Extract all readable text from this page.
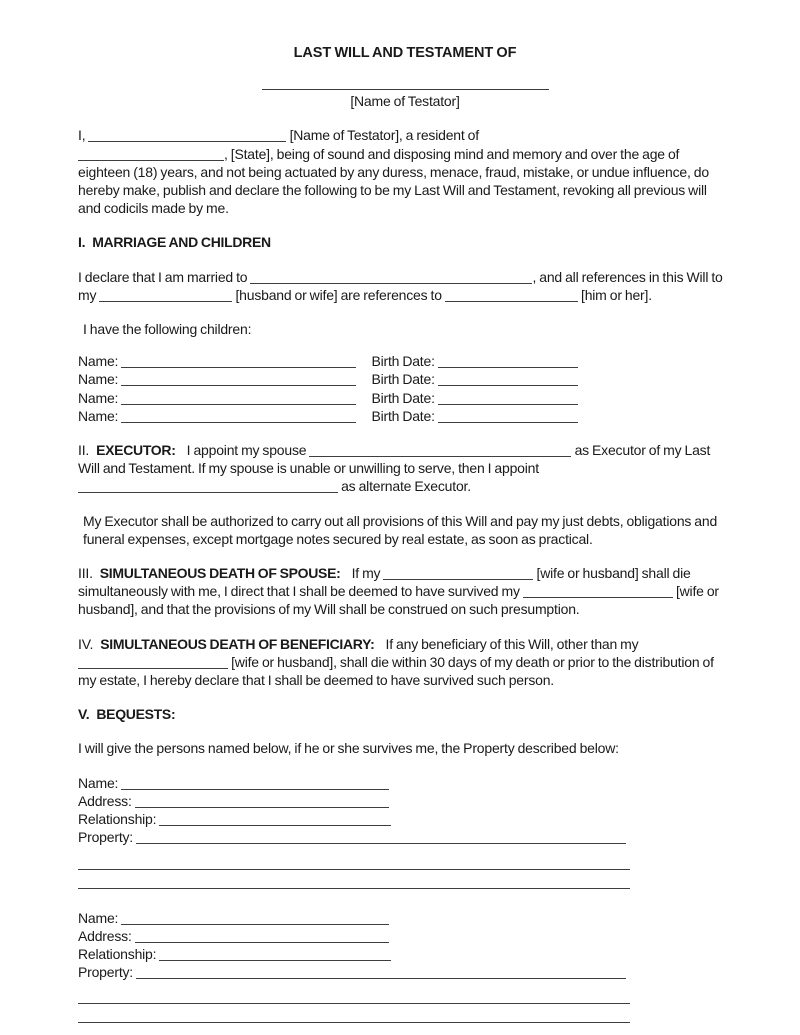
LAST WILL AND TESTAMENT OF

[Name of Testator]

I,	[Name of Testator], a resident of
, [State], being of sound and disposing mind and memory and over the age of eighteen (18) years, and not being actuated by any duress, menace, fraud, mistake, or undue influence, do hereby make, publish and declare the following to be my Last Will and Testament, revoking all previous will and codicils made by me.

I. MARRIAGE AND CHILDREN

I declare that I am married to	, and all references in this Will to my	[husband or wife] are references to	[him or her].

I have the following children:

Name:	Birth Date:
Name:	Birth Date:
Name:	Birth Date:
Name:	Birth Date:

II. EXECUTOR: I appoint my spouse	as Executor of my Last Will and Testament. If my spouse is unable or unwilling to serve, then I appoint  as alternate Executor.

My Executor shall be authorized to carry out all provisions of this Will and pay my just debts, obligations and funeral expenses, except mortgage notes secured by real estate, as soon as practical.

III. SIMULTANEOUS DEATH OF SPOUSE: If my	[wife or husband] shall die simultaneously with me, I direct that I shall be deemed to have survived my	[wife or husband], and that the provisions of my Will shall be construed on such presumption.

IV. SIMULTANEOUS DEATH OF BENEFICIARY: If any beneficiary of this Will, other than my  [wife or husband], shall die within 30 days of my death or prior to the distribution of my estate, I hereby declare that I shall be deemed to have survived such person.

V. BEQUESTS:

I will give the persons named below, if he or she survives me, the Property described below:

Name:
Address:
Relationship:
Property:
Name:
Address:
Relationship:
Property:
